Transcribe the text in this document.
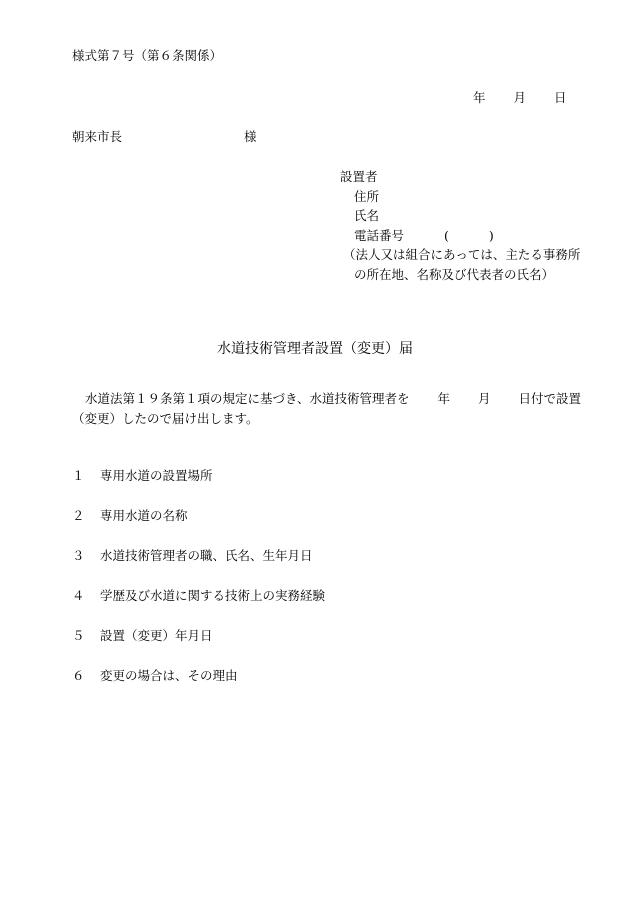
様式第７号（第６条関係）
年 月 日
朝来市長	様
設置者
住所
氏名
電話番号	(	)
（法人又は組合にあっては、主たる事務所
の所在地、名称及び代表者の氏名）
水道技術管理者設置（変更）届
水道法第１９条第１項の規定に基づき、水道技術管理者を 年 月 日付で設置（変更）したので届け出します。
１ 専用水道の設置場所
２ 専用水道の名称
３ 水道技術管理者の職、氏名、生年月日
４ 学歴及び水道に関する技術上の実務経験
５ 設置（変更）年月日
６ 変更の場合は、その理由
